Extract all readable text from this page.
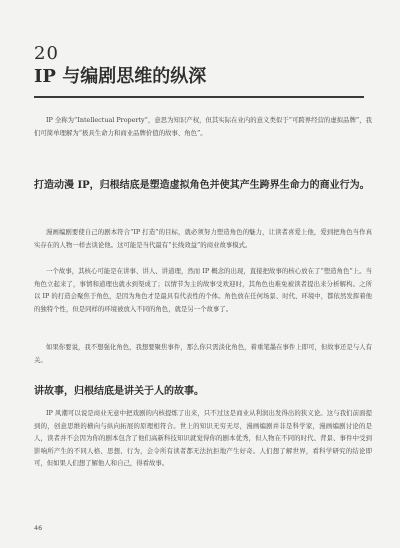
20
IP 与编剧思维的纵深

IP 全称为“Intellectual Property”，意思为知识产权，但其实际在业内的意义类似于“可跨界经营的虚拟品牌”，我们可简单理解为“极具生命力和商业品牌价值的故事、角色”。

打造动漫 IP，归根结底是塑造虚拟角色并使其产生跨界生命力的商业行为。

漫画编剧要使自己的剧本符合“IP 打造”的目标，就必须努力塑造角色的魅力，让读者喜爱上他，爱到把角色当作真实存在的人物一样去谈论他。这可能是当代最有“长线效益”的商业故事模式。

一个故事，其核心可能是在讲事、讲人、讲道理，然而 IP 概念的出现，直接把故事的核心放在了“塑造角色”上。当角色立起来了，事情和道理也就水到渠成了；以情节为主的故事受欢迎时，其角色也难免被读者提出来分析解构。之所以 IP 的打造会聚焦于角色，是因为角色才是最具有代表性的个体。角色放在任何场景、时代、环境中，都依然发挥着他的独特个性，但是同样的环境被放入不同的角色，就是另一个故事了。

如果你要说，我不想强化角色，我想要聚焦事件，那么你只需淡化角色，着重笔墨在事件上即可，但故事还是与人有关。

讲故事，归根结底是讲关于人的故事。

IP 风潮可以说是商业无意中把戏剧的内核提炼了出来，只不过这是商业从利润出发得出的狭义论。这与我们前面提到的，创意思维的横向与纵向拓展的原理相符合。世上的知识无穷无尽，漫画编剧并非是科学家，漫画编剧讨论的是人，读者并不会因为你的剧本包含了他们高新科技知识就觉得你的剧本优秀，但人物在不同的时代、背景、事件中受到影响所产生的不同人格、思想、行为，会令所有读者都无法抗拒地产生好奇。人们想了解世界，看科学研究的结论即可，但如果人们想了解他人和自己，得看故事。

46
